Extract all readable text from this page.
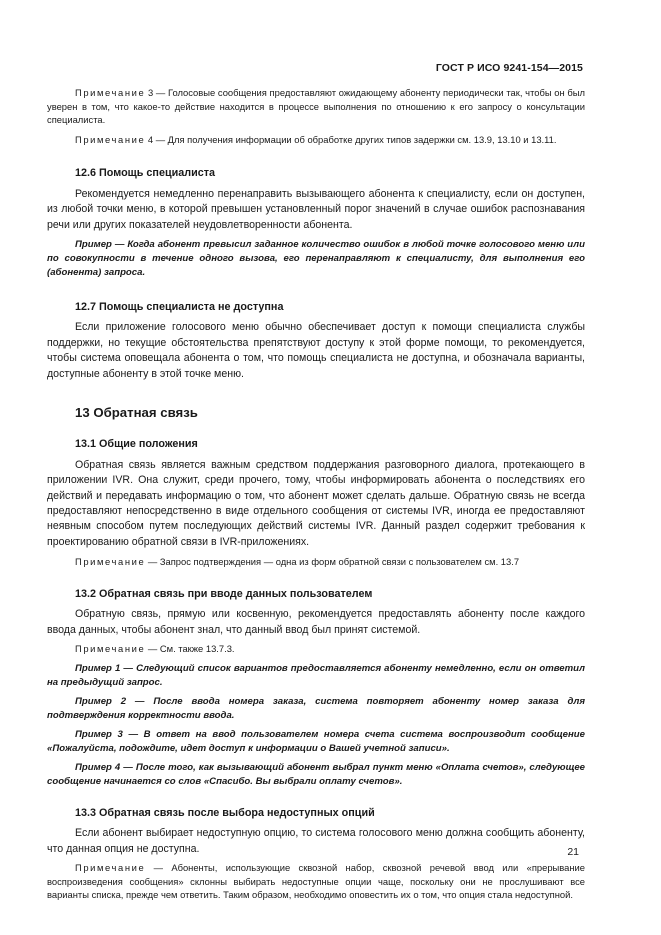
ГОСТ Р ИСО 9241-154—2015

Примечание 3 — Голосовые сообщения предоставляют ожидающему абоненту периодически так, чтобы он был уверен в том, что какое-то действие находится в процессе выполнения по отношению к его запросу о консультации специалиста.

Примечание 4 — Для получения информации об обработке других типов задержки см. 13.9, 13.10 и 13.11.

12.6 Помощь специалиста

Рекомендуется немедленно перенаправить вызывающего абонента к специалисту, если он доступен, из любой точки меню, в которой превышен установленный порог значений в случае ошибок распознавания речи или других показателей неудовлетворенности абонента.

Пример — Когда абонент превысил заданное количество ошибок в любой точке голосового меню или по совокупности в течение одного вызова, его перенаправляют к специалисту, для выполнения его (абонента) запроса.

12.7 Помощь специалиста не доступна

Если приложение голосового меню обычно обеспечивает доступ к помощи специалиста службы поддержки, но текущие обстоятельства препятствуют доступу к этой форме помощи, то рекомендуется, чтобы система оповещала абонента о том, что помощь специалиста не доступна, и обозначала варианты, доступные абоненту в этой точке меню.

13 Обратная связь

13.1 Общие положения

Обратная связь является важным средством поддержания разговорного диалога, протекающего в приложении IVR. Она служит, среди прочего, тому, чтобы информировать абонента о последствиях его действий и передавать информацию о том, что абонент может сделать дальше. Обратную связь не всегда предоставляют непосредственно в виде отдельного сообщения от системы IVR, иногда ее предоставляют неявным способом путем последующих действий системы IVR. Данный раздел содержит требования к проектированию обратной связи в IVR-приложениях.

Примечание — Запрос подтверждения — одна из форм обратной связи с пользователем см. 13.7

13.2 Обратная связь при вводе данных пользователем

Обратную связь, прямую или косвенную, рекомендуется предоставлять абоненту после каждого ввода данных, чтобы абонент знал, что данный ввод был принят системой.

Примечание — См. также 13.7.3.

Пример 1 — Следующий список вариантов предоставляется абоненту немедленно, если он ответил на предыдущий запрос.

Пример 2 — После ввода номера заказа, система повторяет абоненту номер заказа для подтверждения корректности ввода.

Пример 3 — В ответ на ввод пользователем номера счета система воспроизводит сообщение «Пожалуйста, подождите, идет доступ к информации о Вашей учетной записи».

Пример 4 — После того, как вызывающий абонент выбрал пункт меню «Оплата счетов», следующее сообщение начинается со слов «Спасибо. Вы выбрали оплату счетов».

13.3 Обратная связь после выбора недоступных опций

Если абонент выбирает недоступную опцию, то система голосового меню должна сообщить абоненту, что данная опция не доступна.

Примечание — Абоненты, использующие сквозной набор, сквозной речевой ввод или «прерывание воспроизведения сообщения» склонны выбирать недоступные опции чаще, поскольку они не прослушивают все варианты списка, прежде чем ответить. Таким образом, необходимо оповестить их о том, что опция стала недоступной.

21
